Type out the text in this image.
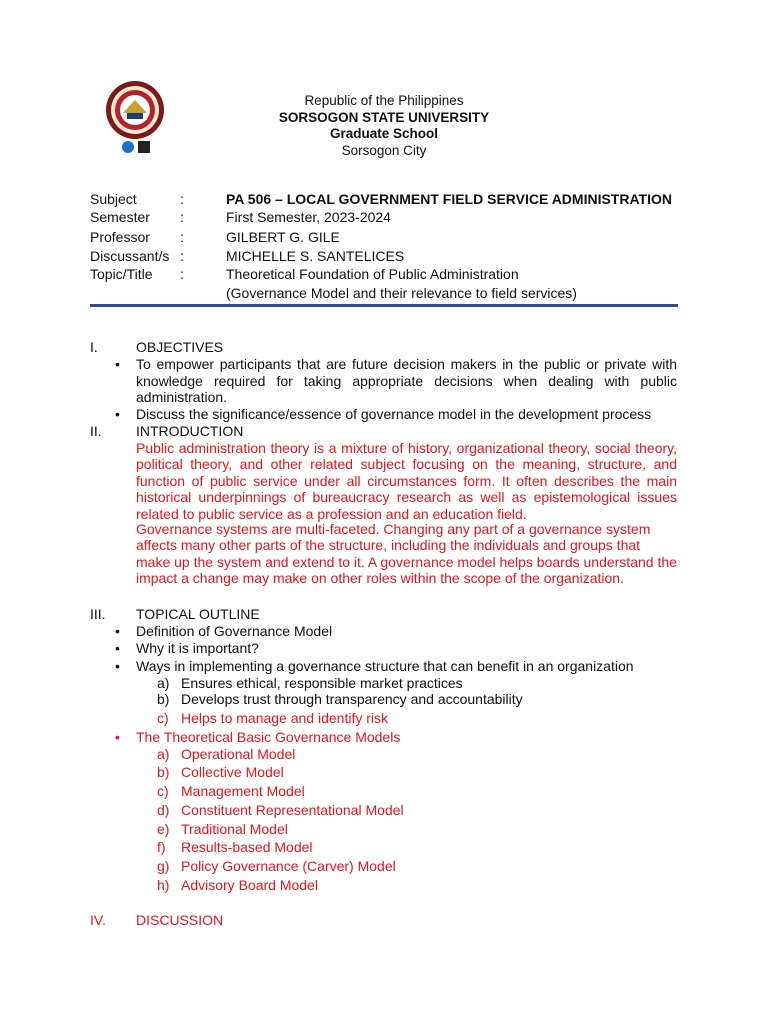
Republic of the Philippines
SORSOGON STATE UNIVERSITY
Graduate School
Sorsogon City
Subject	:	PA 506 – LOCAL GOVERNMENT FIELD SERVICE ADMINISTRATION
Semester :	First Semester, 2023-2024
Professor :	GILBERT G. GILE
Discussant/s :	MICHELLE S. SANTELICES
Topic/Title :	Theoretical Foundation of Public Administration
(Governance Model and their relevance to field services)
I.	OBJECTIVES
• To empower participants that are future decision makers in the public or private with knowledge required for taking appropriate decisions when dealing with public administration.
• Discuss the significance/essence of governance model in the development process
II. INTRODUCTION
Public administration theory is a mixture of history, organizational theory, social theory, political theory, and other related subject focusing on the meaning, structure, and function of public service under all circumstances form. It often describes the main historical underpinnings of bureaucracy research as well as epistemological issues related to public service as a profession and an education field.
Governance systems are multi-faceted. Changing any part of a governance system affects many other parts of the structure, including the individuals and groups that make up the system and extend to it. A governance model helps boards understand the impact a change may make on other roles within the scope of the organization.
III. TOPICAL OUTLINE
• Definition of Governance Model
• Why it is important?
• Ways in implementing a governance structure that can benefit in an organization
a) Ensures ethical, responsible market practices
b) Develops trust through transparency and accountability
c) Helps to manage and identify risk
• The Theoretical Basic Governance Models
a) Operational Model
b) Collective Model
c) Management Model
d) Constituent Representational Model
e) Traditional Model
f) Results-based Model
g) Policy Governance (Carver) Model
h) Advisory Board Model
IV. DISCUSSION
